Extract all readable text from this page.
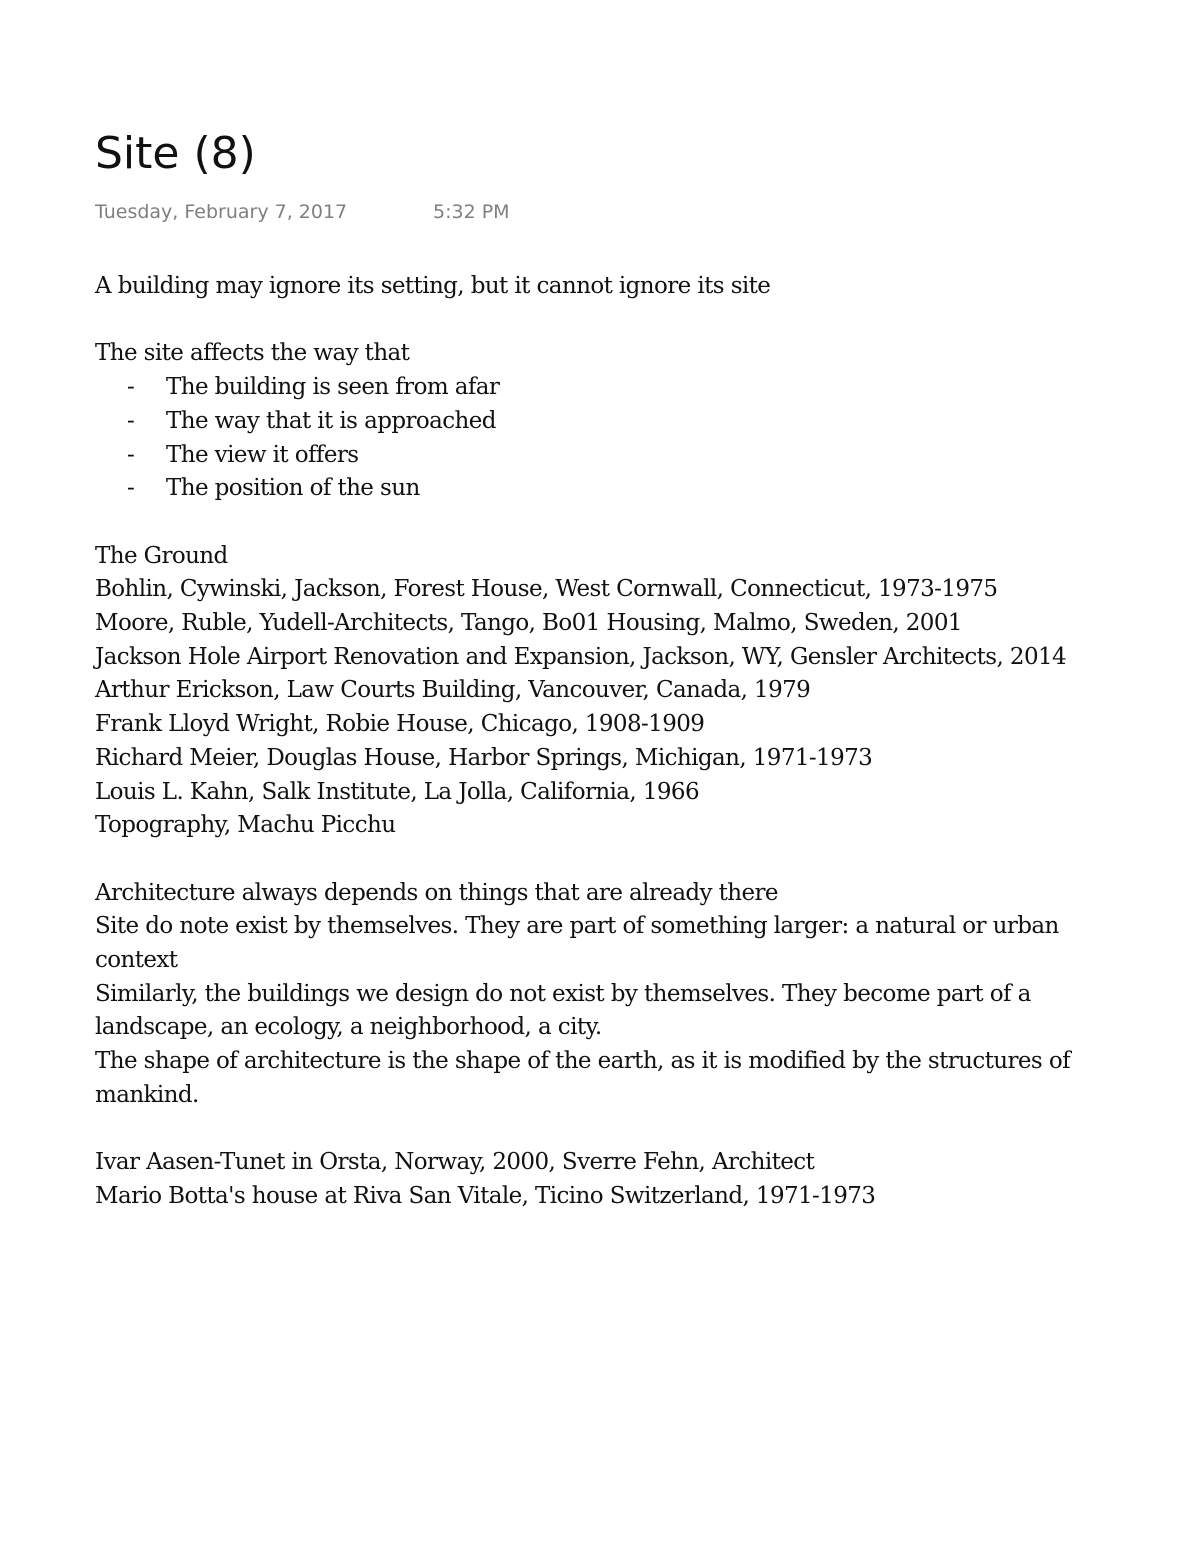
Site (8)
Tuesday, February 7, 2017	5:32 PM

A building may ignore its setting, but it cannot ignore its site

The site affects the way that

- The building is seen from afar
- The way that it is approached
- The view it offers
- The position of the sun

The Ground

Bohlin, Cywinski, Jackson, Forest House, West Cornwall, Connecticut, 1973-1975

Moore, Ruble, Yudell-Architects, Tango, Bo01 Housing, Malmo, Sweden, 2001

Jackson Hole Airport Renovation and Expansion, Jackson, WY, Gensler Architects, 2014

Arthur Erickson, Law Courts Building, Vancouver, Canada, 1979

Frank Lloyd Wright, Robie House, Chicago, 1908-1909

Richard Meier, Douglas House, Harbor Springs, Michigan, 1971-1973

Louis L. Kahn, Salk Institute, La Jolla, California, 1966

Topography, Machu Picchu

Architecture always depends on things that are already there

Site do note exist by themselves. They are part of something larger: a natural or urban context

Similarly, the buildings we design do not exist by themselves. They become part of a landscape, an ecology, a neighborhood, a city.

The shape of architecture is the shape of the earth, as it is modified by the structures of mankind.

Ivar Aasen-Tunet in Orsta, Norway, 2000, Sverre Fehn, Architect

Mario Botta's house at Riva San Vitale, Ticino Switzerland, 1971-1973
